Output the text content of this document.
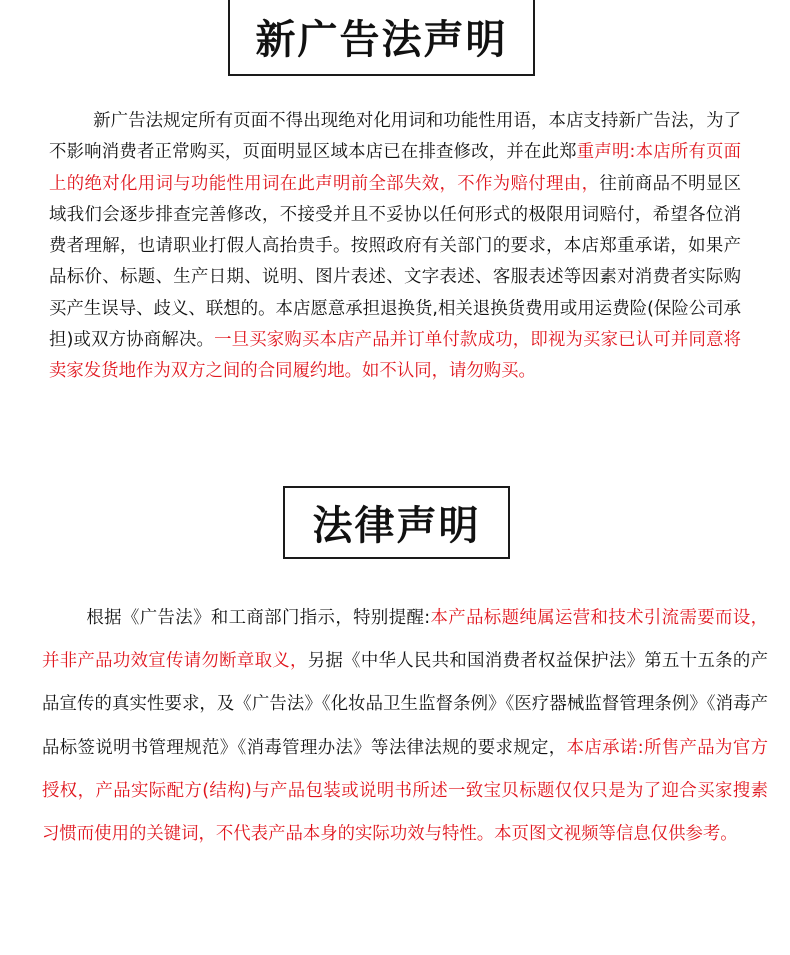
新广告法声明

新广告法规定所有页面不得出现绝对化用词和功能性用语，本店支持新广告法，为了不影响消费者正常购买，页面明显区域本店已在排查修改，并在此郑重声明:本店所有页面上的绝对化用词与功能性用词在此声明前全部失效，不作为赔付理由，往前商品不明显区域我们会逐步排查完善修改，不接受并且不妥协以任何形式的极限用词赔付，希望各位消费者理解，也请职业打假人高抬贵手。按照政府有关部门的要求，本店郑重承诺，如果产品标价、标题、生产日期、说明、图片表述、文字表述、客服表述等因素对消费者实际购买产生误导、歧义、联想的。本店愿意承担退换货,相关退换货费用或用运费险(保险公司承担)或双方协商解决。一旦买家购买本店产品并订单付款成功，即视为买家已认可并同意将卖家发货地作为双方之间的合同履约地。如不认同，请勿购买。

法律声明

根据《广告法》和工商部门指示，特别提醒:本产品标题纯属运营和技术引流需要而设，并非产品功效宣传请勿断章取义，另据《中华人民共和国消费者权益保护法》第五十五条的产品宣传的真实性要求，及《广告法》《化妆品卫生监督条例》《医疗器械监督管理条例》《消毒产品标签说明书管理规范》《消毒管理办法》等法律法规的要求规定，本店承诺:所售产品为官方授权，产品实际配方(结构)与产品包装或说明书所述一致宝贝标题仅仅只是为了迎合买家搜素习惯而使用的关键词，不代表产品本身的实际功效与特性。本页图文视频等信息仅供参考。
